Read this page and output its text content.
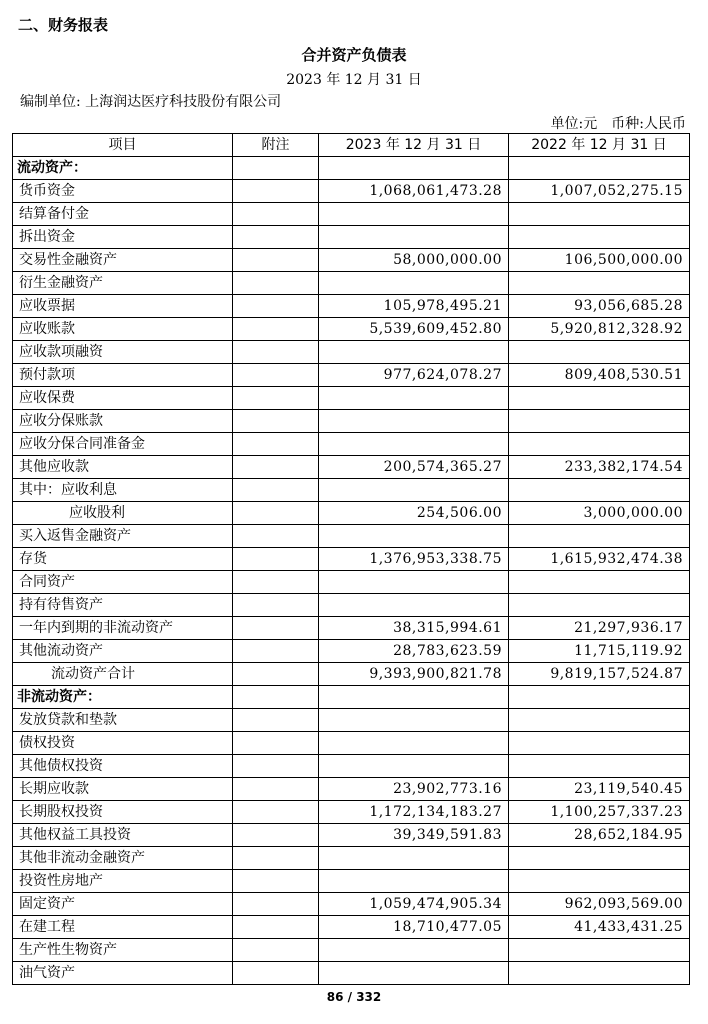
二、财务报表
合并资产负债表
2023 年 12 月 31 日
编制单位: 上海润达医疗科技股份有限公司
单位:元　币种:人民币
项目	附注	2023 年 12 月 31 日	2022 年 12 月 31 日
流动资产：			
货币资金		1,068,061,473.28	1,007,052,275.15
结算备付金			
拆出资金			
交易性金融资产		58,000,000.00	106,500,000.00
衍生金融资产			
应收票据		105,978,495.21	93,056,685.28
应收账款		5,539,609,452.80	5,920,812,328.92
应收款项融资			
预付款项		977,624,078.27	809,408,530.51
应收保费			
应收分保账款			
应收分保合同准备金			
其他应收款		200,574,365.27	233,382,174.54
其中：应收利息			
应收股利		254,506.00	3,000,000.00
买入返售金融资产			
存货		1,376,953,338.75	1,615,932,474.38
合同资产			
持有待售资产			
一年内到期的非流动资产		38,315,994.61	21,297,936.17
其他流动资产		28,783,623.59	11,715,119.92
流动资产合计		9,393,900,821.78	9,819,157,524.87
非流动资产：			
发放贷款和垫款			
债权投资			
其他债权投资			
长期应收款		23,902,773.16	23,119,540.45
长期股权投资		1,172,134,183.27	1,100,257,337.23
其他权益工具投资		39,349,591.83	28,652,184.95
其他非流动金融资产			
投资性房地产			
固定资产		1,059,474,905.34	962,093,569.00
在建工程		18,710,477.05	41,433,431.25
生产性生物资产			
油气资产			
86 / 332
